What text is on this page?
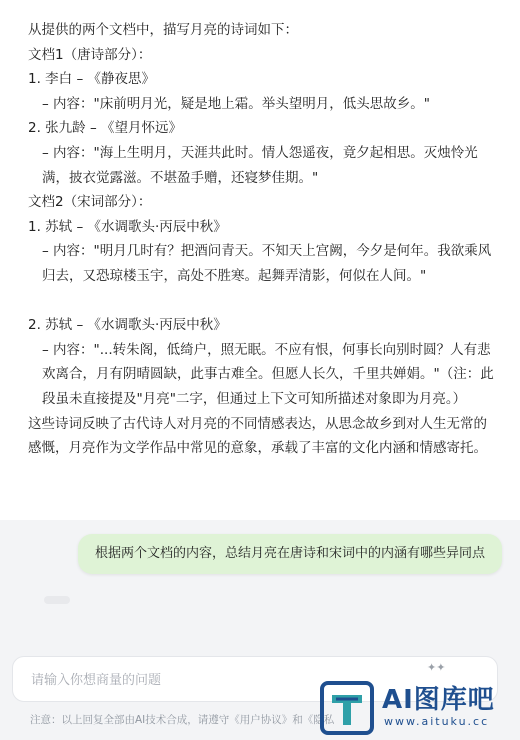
从提供的两个文档中，描写月亮的诗词如下：
文档1（唐诗部分）：
1. 李白 – 《静夜思》
– 内容："床前明月光，疑是地上霜。举头望明月，低头思故乡。"
2. 张九龄 – 《望月怀远》
– 内容："海上生明月，天涯共此时。情人怨遥夜，竟夕起相思。灭烛怜光满，披衣觉露滋。不堪盈手赠，还寝梦佳期。"
文档2（宋词部分）：
1. 苏轼 – 《水调歌头·丙辰中秋》
– 内容："明月几时有？把酒问青天。不知天上宫阙，今夕是何年。我欲乘风归去，又恐琼楼玉宇，高处不胜寒。起舞弄清影，何似在人间。"
2. 苏轼 – 《水调歌头·丙辰中秋》
– 内容："...转朱阁，低绮户，照无眠。不应有恨，何事长向别时圆？人有悲欢离合，月有阴晴圆缺，此事古难全。但愿人长久，千里共婵娟。"（注：此段虽未直接提及"月亮"二字，但通过上下文可知所描述对象即为月亮。）
这些诗词反映了古代诗人对月亮的不同情感表达，从思念故乡到对人生无常的感慨，月亮作为文学作品中常见的意象，承载了丰富的文化内涵和情感寄托。
根据两个文档的内容，总结月亮在唐诗和宋词中的内涵有哪些异同点
请输入你想商量的问题
✦✦
注意：以上回复全部由AI技术合成，请遵守《用户协议》和《隐私
AI图库吧
www.aituku.cc
